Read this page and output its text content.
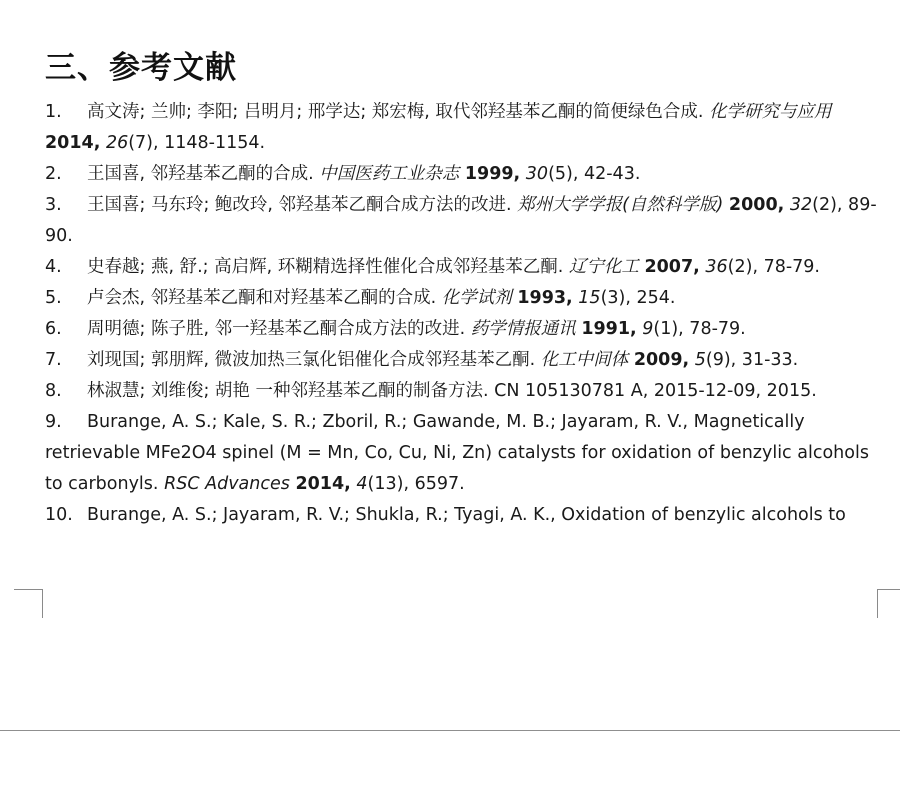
三、参考文献

1. 高文涛; 兰帅; 李阳; 吕明月; 邢学达; 郑宏梅, 取代邻羟基苯乙酮的简便绿色合成. 化学研究与应用 2014, 26(7), 1148-1154.

2. 王国喜, 邻羟基苯乙酮的合成. 中国医药工业杂志 1999, 30(5), 42-43.

3. 王国喜; 马东玲; 鲍改玲, 邻羟基苯乙酮合成方法的改进. 郑州大学学报(自然科学版) 2000, 32(2), 89-90.

4. 史春越; 燕, 舒.; 高启辉, 环糊精选择性催化合成邻羟基苯乙酮. 辽宁化工 2007, 36(2), 78-79.

5. 卢会杰, 邻羟基苯乙酮和对羟基苯乙酮的合成. 化学试剂 1993, 15(3), 254.

6. 周明德; 陈子胜, 邻一羟基苯乙酮合成方法的改进. 药学情报通讯 1991, 9(1), 78-79.

7. 刘现国; 郭朋辉, 微波加热三氯化铝催化合成邻羟基苯乙酮. 化工中间体 2009, 5(9), 31-33.

8. 林淑慧; 刘维俊; 胡艳 一种邻羟基苯乙酮的制备方法. CN 105130781 A, 2015-12-09, 2015.

9. Burange, A. S.; Kale, S. R.; Zboril, R.; Gawande, M. B.; Jayaram, R. V., Magnetically retrievable MFe2O4 spinel (M = Mn, Co, Cu, Ni, Zn) catalysts for oxidation of benzylic alcohols to carbonyls. RSC Advances 2014, 4(13), 6597.

10. Burange, A. S.; Jayaram, R. V.; Shukla, R.; Tyagi, A. K., Oxidation of benzylic alcohols to
